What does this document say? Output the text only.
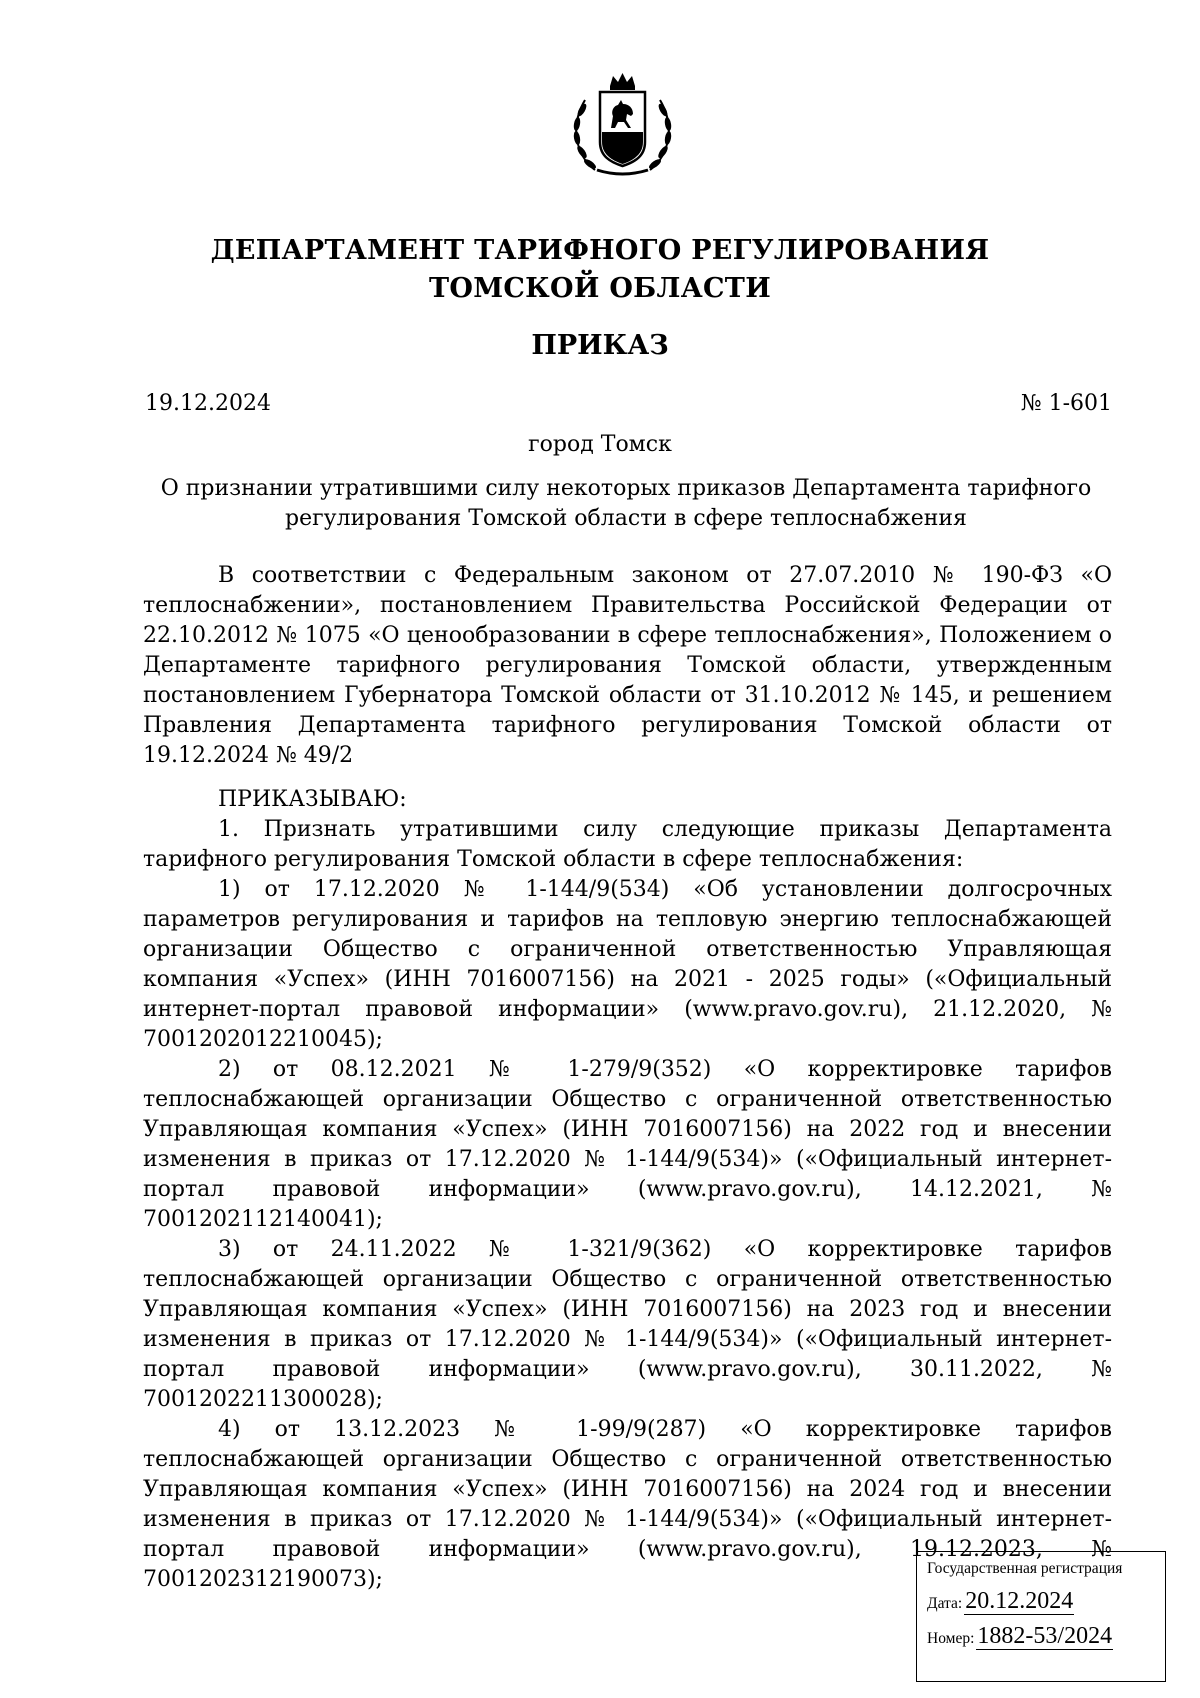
ДЕПАРТАМЕНТ ТАРИФНОГО РЕГУЛИРОВАНИЯ
ТОМСКОЙ ОБЛАСТИ
ПРИКАЗ
19.12.2024	№ 1-601
город Томск
О признании утратившими силу некоторых приказов Департамента тарифного
регулирования Томской области в сфере теплоснабжения

В соответствии с Федеральным законом от 27.07.2010 № 190-ФЗ «О теплоснабжении», постановлением Правительства Российской Федерации от 22.10.2012 № 1075 «О ценообразовании в сфере теплоснабжения», Положением о Департаменте тарифного регулирования Томской области, утвержденным постановлением Губернатора Томской области от 31.10.2012 № 145, и решением Правления Департамента тарифного регулирования Томской области от 19.12.2024 № 49/2

ПРИКАЗЫВАЮ:

1. Признать утратившими силу следующие приказы Департамента тарифного регулирования Томской области в сфере теплоснабжения:

1) от 17.12.2020 № 1-144/9(534) «Об установлении долгосрочных параметров регулирования и тарифов на тепловую энергию теплоснабжающей организации Общество с ограниченной ответственностью Управляющая компания «Успех» (ИНН 7016007156) на 2021 - 2025 годы» («Официальный интернет-портал правовой информации» (www.pravo.gov.ru), 21.12.2020, № 7001202012210045);

2) от 08.12.2021 № 1-279/9(352) «О корректировке тарифов теплоснабжающей организации Общество с ограниченной ответственностью Управляющая компания «Успех» (ИНН 7016007156) на 2022 год и внесении изменения в приказ от 17.12.2020 № 1-144/9(534)» («Официальный интернет-портал правовой информации» (www.pravo.gov.ru), 14.12.2021, № 7001202112140041);

3) от 24.11.2022 № 1-321/9(362) «О корректировке тарифов теплоснабжающей организации Общество с ограниченной ответственностью Управляющая компания «Успех» (ИНН 7016007156) на 2023 год и внесении изменения в приказ от 17.12.2020 № 1-144/9(534)» («Официальный интернет-портал правовой информации» (www.pravo.gov.ru), 30.11.2022, № 7001202211300028);

4) от 13.12.2023 № 1-99/9(287) «О корректировке тарифов теплоснабжающей организации Общество с ограниченной ответственностью Управляющая компания «Успех» (ИНН 7016007156) на 2024 год и внесении изменения в приказ от 17.12.2020 № 1-144/9(534)» («Официальный интернет-портал правовой информации» (www.pravo.gov.ru), 19.12.2023, № 7001202312190073);	Государственная регистрация
Дата: 20.12.2024
Номер: 1882-53/2024
